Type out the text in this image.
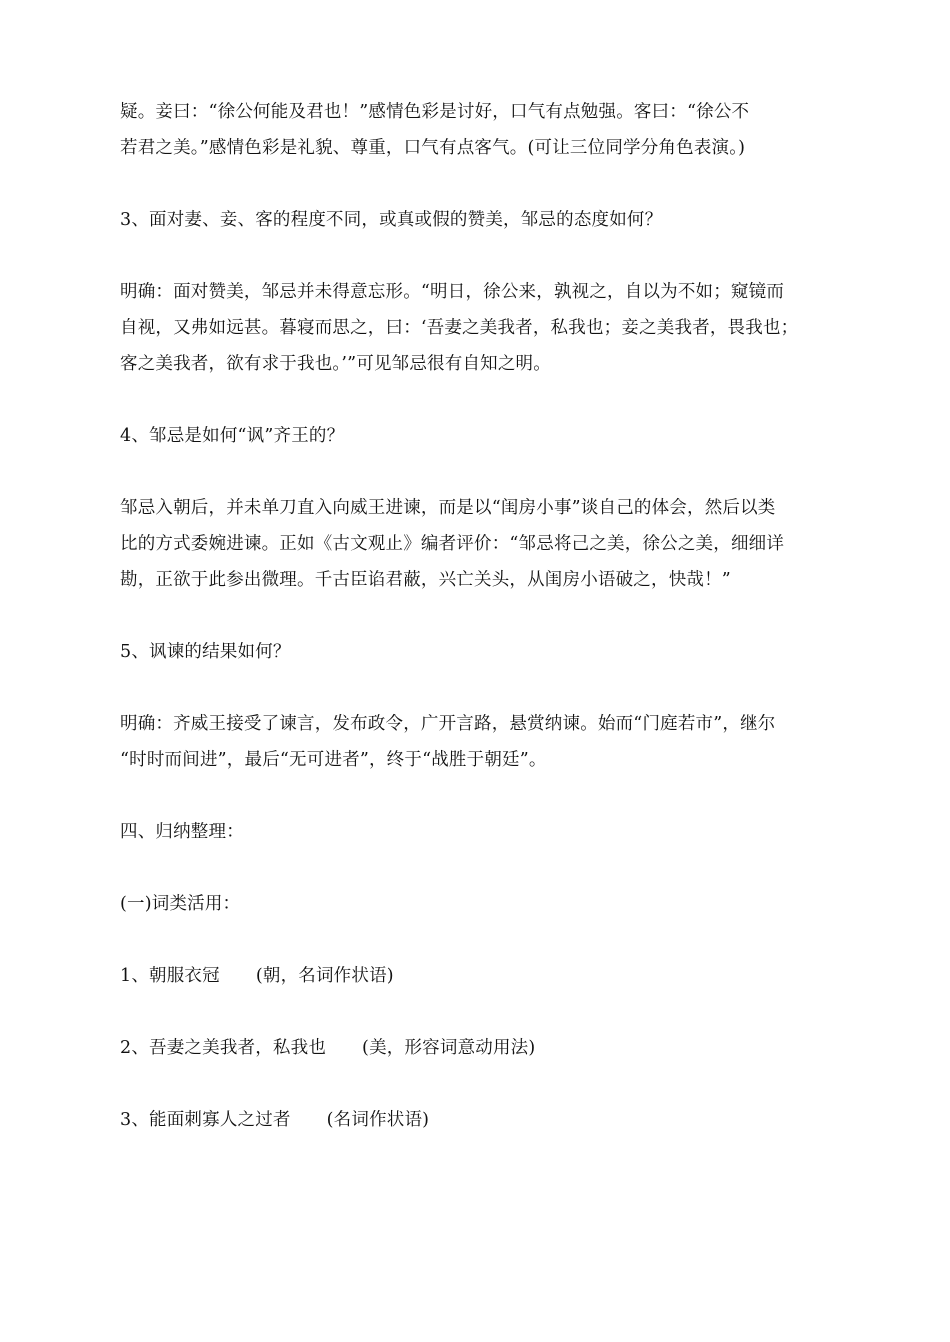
疑。妾曰：“徐公何能及君也！”感情色彩是讨好，口气有点勉强。客曰：“徐公不
若君之美。”感情色彩是礼貌、尊重，口气有点客气。(可让三位同学分角色表演。)

3、面对妻、妾、客的程度不同，或真或假的赞美，邹忌的态度如何？

明确：面对赞美，邹忌并未得意忘形。“明日，徐公来，孰视之，自以为不如；窥镜而
自视，又弗如远甚。暮寝而思之，曰：‘吾妻之美我者，私我也；妾之美我者，畏我也；
客之美我者，欲有求于我也。’”可见邹忌很有自知之明。

4、邹忌是如何“讽”齐王的？

邹忌入朝后，并未单刀直入向威王进谏，而是以“闺房小事”谈自己的体会，然后以类
比的方式委婉进谏。正如《古文观止》编者评价：“邹忌将己之美，徐公之美，细细详
勘，正欲于此参出微理。千古臣谄君蔽，兴亡关头，从闺房小语破之，快哉！”

5、讽谏的结果如何？

明确：齐威王接受了谏言，发布政令，广开言路，悬赏纳谏。始而“门庭若市”，继尔
“时时而间进”，最后“无可进者”，终于“战胜于朝廷”。

四、归纳整理：

(一)词类活用：

1、朝服衣冠 (朝，名词作状语)

2、吾妻之美我者，私我也 (美，形容词意动用法)

3、能面刺寡人之过者 (名词作状语)
